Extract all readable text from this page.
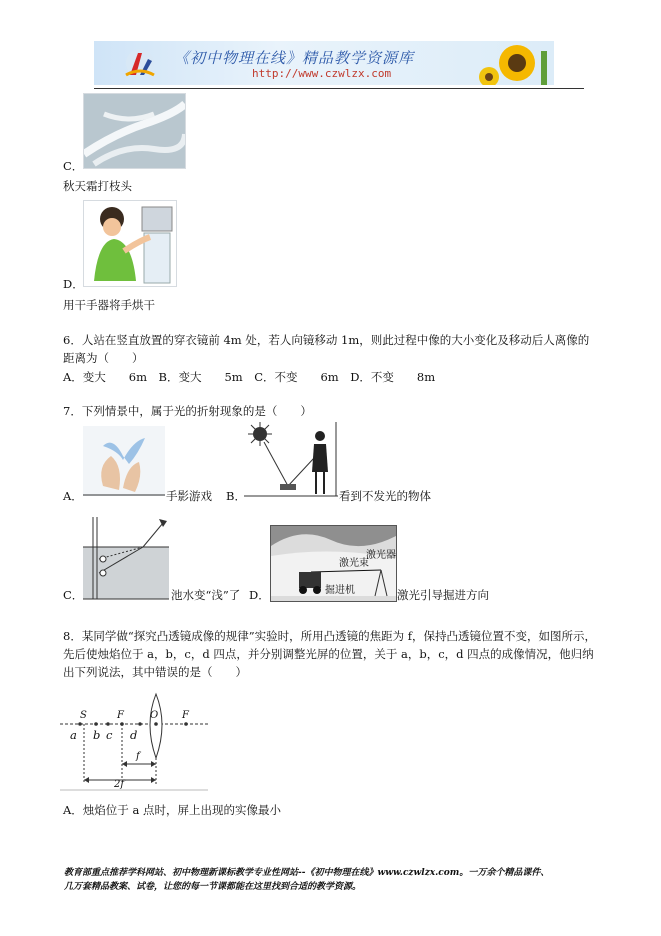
《初中物理在线》精品教学资源库
http://www.czwlzx.com
C．
秋天霜打枝头
D．
用干手器将手烘干
6．人站在竖直放置的穿衣镜前 4m 处，若人向镜移动 1m，则此过程中像的大小变化及移动后人离像的
距离为（　　）
A．变大　　6m　B．变大　　5m　C．不变　　6m　D．不变　　8m
7．下列情景中，属于光的折射现象的是（　　）
A．	手影游戏 B．	看到不发光的物体
C．	池水变“浅”了
激光束
激光器
掘进机
D．	激光引导掘进方向
8．某同学做“探究凸透镜成像的规律”实验时，所用凸透镜的焦距为 f，保持凸透镜位置不变，如图所示，
先后使烛焰位于 a，b，c，d 四点，并分别调整光屏的位置，关于 a，b，c，d 四点的成像情况，他归纳
出下列说法，其中错误的是（　　）
a
S
b c
F
d
O F
f
2f
A．烛焰位于 a 点时，屏上出现的实像最小
教育部重点推荐学科网站、初中物理新课标教学专业性网站--《初中物理在线》www.czwlzx.com。一万余个精品课件、
几万套精品教案、试卷，让您的每一节课都能在这里找到合适的教学资源。
